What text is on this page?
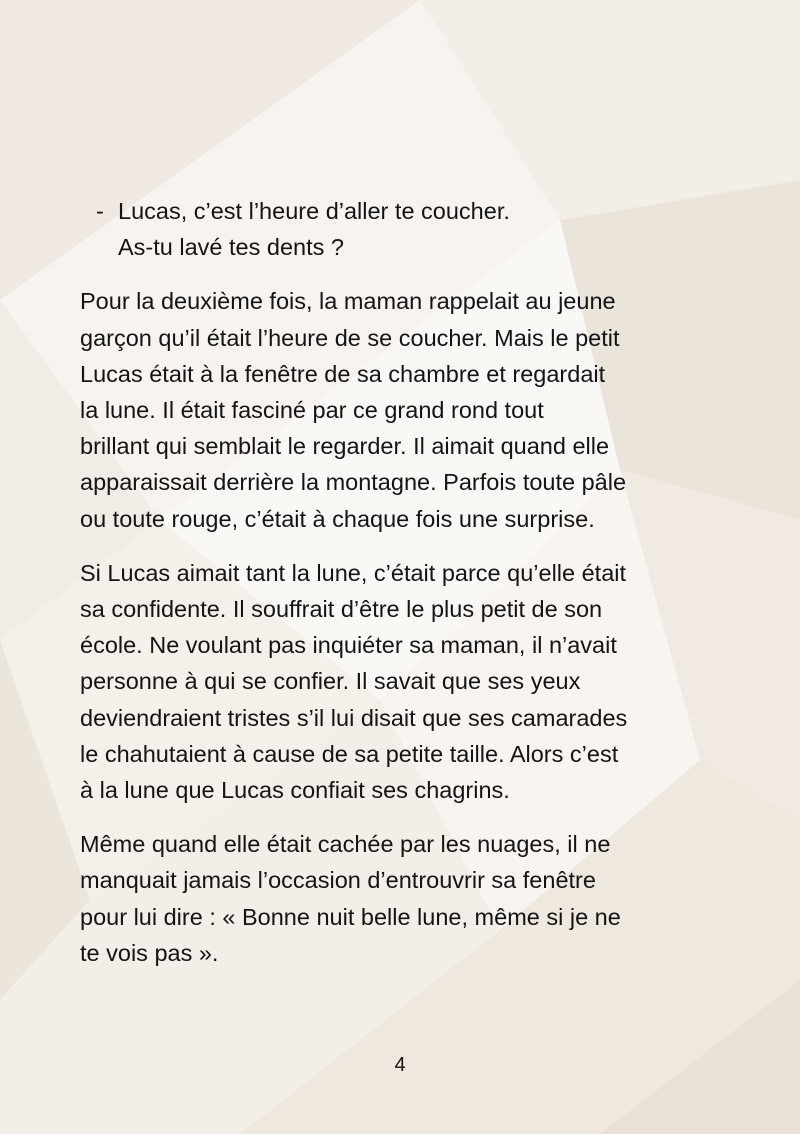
- Lucas, c’est l’heure d’aller te coucher.
As-tu lavé tes dents ?

Pour la deuxième fois, la maman rappelait au jeune
garçon qu’il était l’heure de se coucher. Mais le petit
Lucas était à la fenêtre de sa chambre et regardait
la lune. Il était fasciné par ce grand rond tout
brillant qui semblait le regarder. Il aimait quand elle
apparaissait derrière la montagne. Parfois toute pâle
ou toute rouge, c’était à chaque fois une surprise.

Si Lucas aimait tant la lune, c’était parce qu’elle était
sa confidente. Il souffrait d’être le plus petit de son
école. Ne voulant pas inquiéter sa maman, il n’avait
personne à qui se confier. Il savait que ses yeux
deviendraient tristes s’il lui disait que ses camarades
le chahutaient à cause de sa petite taille. Alors c’est
à la lune que Lucas confiait ses chagrins.

Même quand elle était cachée par les nuages, il ne
manquait jamais l’occasion d’entrouvrir sa fenêtre
pour lui dire : « Bonne nuit belle lune, même si je ne
te vois pas ».

4
